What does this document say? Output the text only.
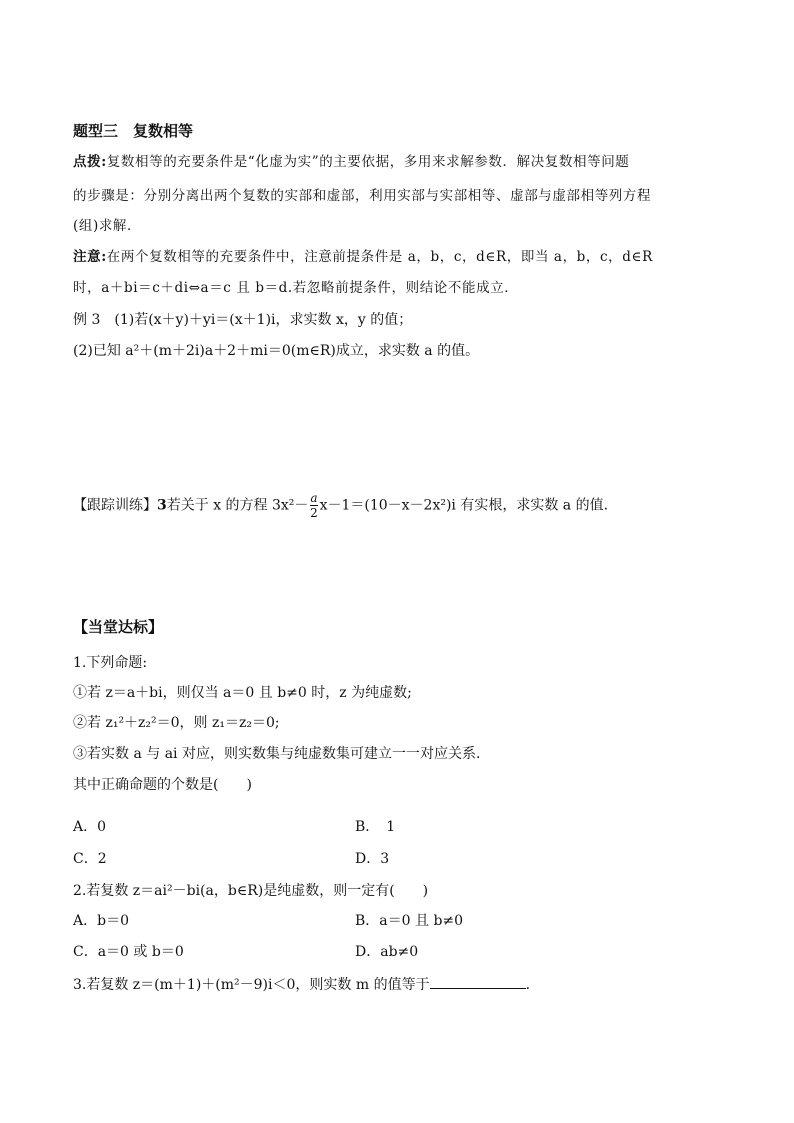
题型三　复数相等
点拨:复数相等的充要条件是“化虚为实”的主要依据，多用来求解参数．解决复数相等问题
的步骤是：分别分离出两个复数的实部和虚部，利用实部与实部相等、虚部与虚部相等列方程
(组)求解．
注意:在两个复数相等的充要条件中，注意前提条件是 a，b，c，d∈R，即当 a，b，c，d∈R
时，a＋bi＝c＋di⇔a＝c 且 b＝d.若忽略前提条件，则结论不能成立．
例 3　(1)若(x＋y)＋yi＝(x＋1)i，求实数 x，y 的值；
(2)已知 a²＋(m＋2i)a＋2＋mi＝0(m∈R)成立，求实数 a 的值。
【跟踪训练】3若关于 x 的方程 $3x^2- \frac{a}{2} x-1=(10-x-2x^2)i$ 有实根，求实数 a 的值.
【当堂达标】
1.下列命题:
①若 z＝a＋bi，则仅当 a＝0 且 b≠0 时，z 为纯虚数;
②若 z₁²＋z₂²＝0，则 z₁＝z₂＝0;
③若实数 a 与 ai 对应，则实数集与纯虚数集可建立一一对应关系.
其中正确命题的个数是(　　)
A．0	B．　1
C．2	D．3
2.若复数 z＝ai²－bi(a，b∈R)是纯虚数，则一定有(　　)
A．b＝0	B．a＝0 且 b≠0
C．a＝0 或 b＝0	D．ab≠0
3.若复数 z＝(m＋1)＋(m²－9)i＜0，则实数 m 的值等于	.
